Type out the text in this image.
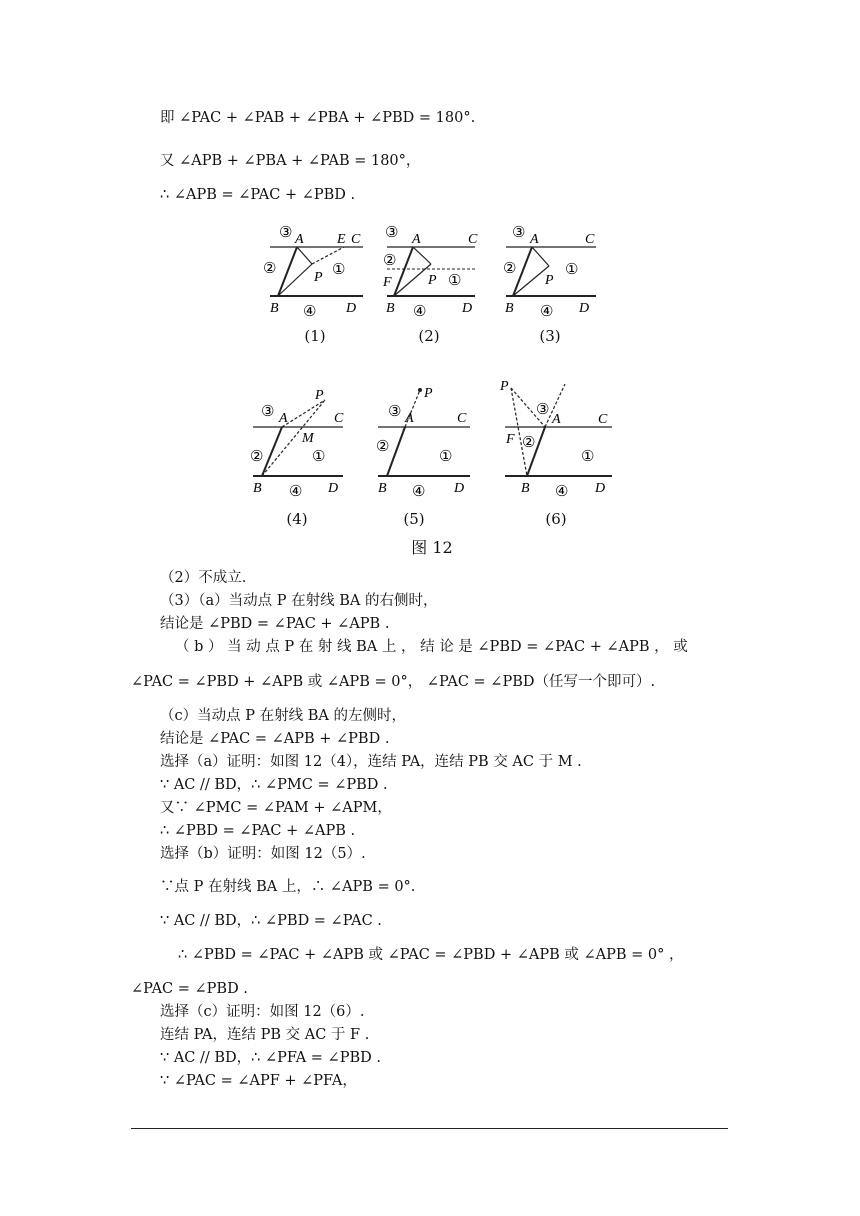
即 ∠PAC + ∠PAB + ∠PBA + ∠PBD = 180°.
又 ∠APB + ∠PBA + ∠PAB = 180°，
∴ ∠APB = ∠PAC + ∠PBD .
（2）不成立.
（3）（a）当动点 P 在射线 BA 的右侧时，
结论是 ∠PBD = ∠PAC + ∠APB .
（ b ） 当 动 点 P 在 射 线 BA 上 ， 结 论 是 ∠PBD = ∠PAC + ∠APB ， 或
∠PAC = ∠PBD + ∠APB 或 ∠APB = 0°， ∠PAC = ∠PBD（任写一个即可）.
（c）当动点 P 在射线 BA 的左侧时，
结论是 ∠PAC = ∠APB + ∠PBD .
选择（a）证明：如图 12（4），连结 PA，连结 PB 交 AC 于 M .
∵ AC // BD，∴ ∠PMC = ∠PBD .
又∵ ∠PMC = ∠PAM + ∠APM，
∴ ∠PBD = ∠PAC + ∠APB .
选择（b）证明：如图 12（5）.
∵点 P 在射线 BA 上，∴ ∠APB = 0°.
∵ AC // BD，∴ ∠PBD = ∠PAC .
∴ ∠PBD = ∠PAC + ∠APB 或 ∠PAC = ∠PBD + ∠APB 或 ∠APB = 0° ，
∠PAC = ∠PBD .
选择（c）证明：如图 12（6）.
连结 PA，连结 PB 交 AC 于 F .
∵ AC // BD，∴ ∠PFA = ∠PBD .
∵ ∠PAC = ∠APF + ∠PFA，
③ A E C
②
P ①
B ④ D
③ A	C
②
F	P ①
B ④	D
③ A	C
②
P
①
B ④ D
(1)	(2)	(3)
P
③ A	C
M
②	①
B ④ D
P
③ A	C
②
①
B ④ D
P
③
A	C
F ②
①
B ④ D
(4)	(5)	(6)
图 12
